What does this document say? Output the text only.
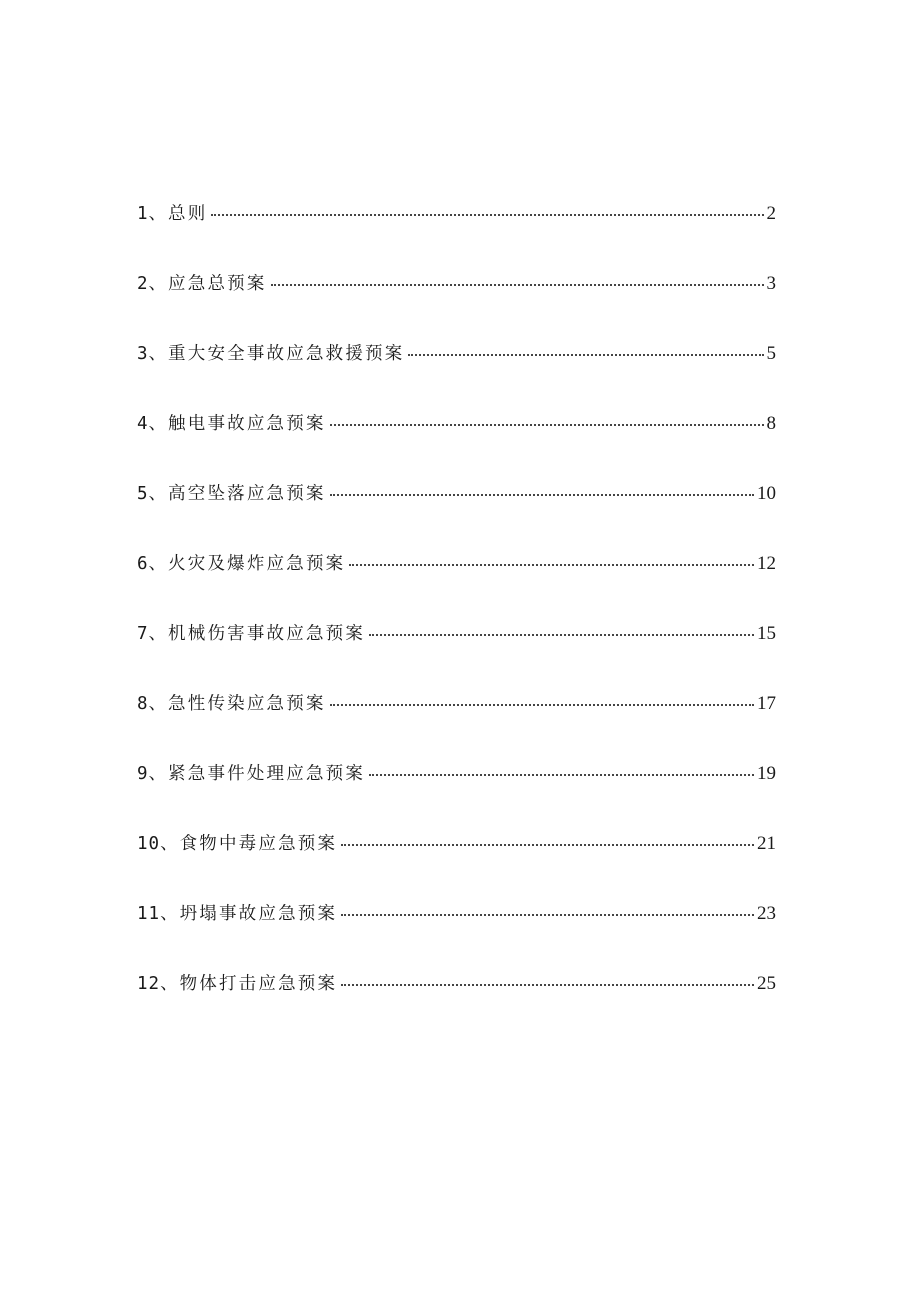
1 、 总则	2
2 、 应急总预案	3
3 、 重大安全事故应急救援预案	5
4 、 触电事故应急预案	8
5 、 高空坠落应急预案	10
6 、 火灾及爆炸应急预案	12
7 、 机械伤害事故应急预案	15
8 、 急性传染应急预案	17
9 、 紧急事件处理应急预案	19
10 、 食物中毒应急预案	21
11 、 坍塌事故应急预案	23
12 、 物体打击应急预案	25
